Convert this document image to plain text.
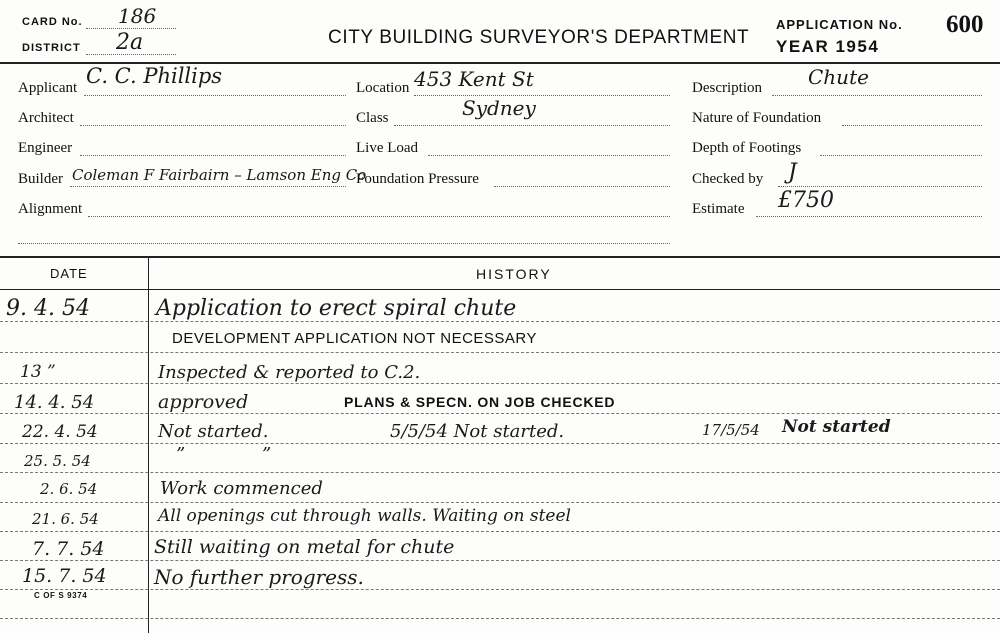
CARD No. 186
DISTRICT 2a	CITY BUILDING SURVEYOR'S DEPARTMENT
APPLICATION No. 600
YEAR 1954
Applicant C. C. Phillips
Architect
Engineer
Builder Coleman F Fairbairn – Lamson Eng Co
Alignment
Location 453 Kent St
Class	Sydney
Live Load
Foundation Pressure
Description Chute
Nature of Foundation
Depth of Footings
Checked by J
Estimate £750
DATE	HISTORY
9. 4. 54	Application to erect spiral chute
DEVELOPMENT APPLICATION NOT NECESSARY
13 ”	Inspected & reported to C.2.
14. 4. 54	approved	PLANS & SPECN. ON JOB CHECKED
22. 4. 54	Not started.	5/5/54 Not started.	17/5/54 Not started
25. 5. 54	”	”
2. 6. 54	Work commenced
21. 6. 54	All openings cut through walls. Waiting on steel
7. 7. 54	Still waiting on metal for chute
15. 7. 54 No further progress.
C OF S 9374
